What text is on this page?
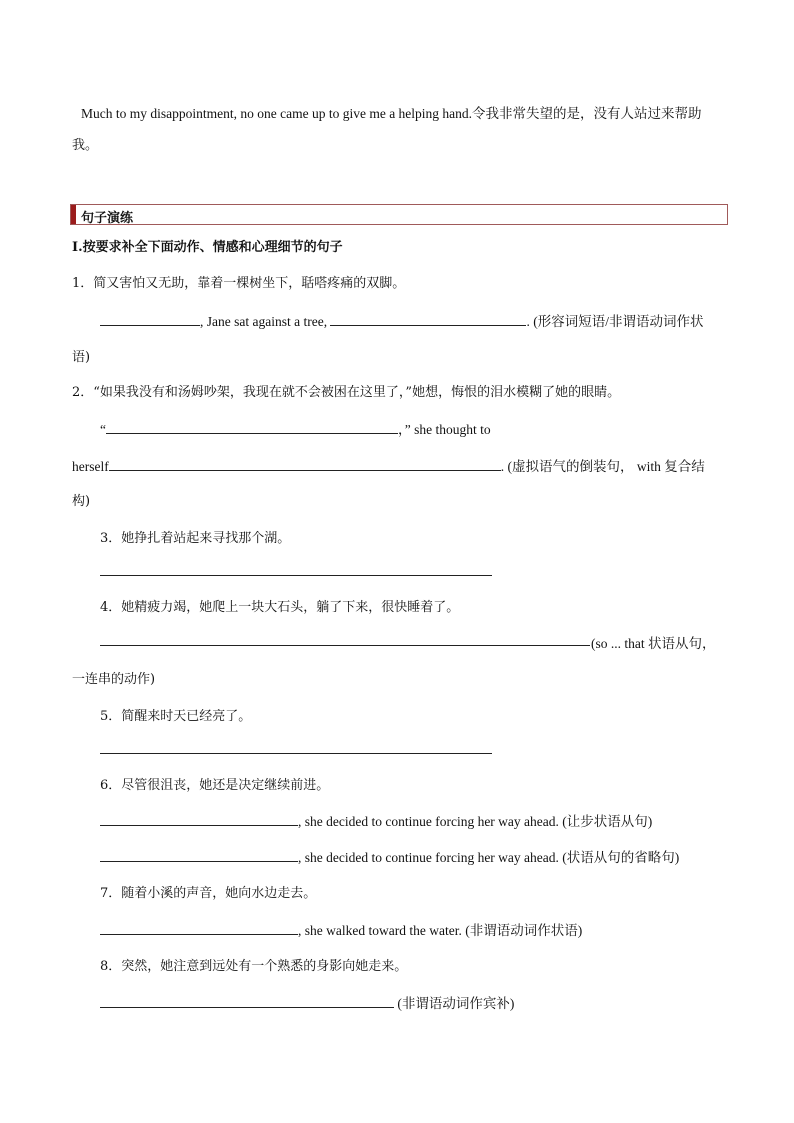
Much to my disappointment, no one came up to give me a helping hand.令我非常失望的是，没有人站过来帮助
我。
句子演练
Ⅰ.按要求补全下面动作、情感和心理细节的句子
1．简又害怕又无助，靠着一棵树坐下，聒嗒疼痛的双脚。
, Jane sat against a tree,	. (形容词短语/非谓语动词作状
语)
2．“如果我没有和汤姆吵架，我现在就不会被困在这里了，”她想，悔恨的泪水模糊了她的眼睛。
“	，” she thought to
herself	. (虚拟语气的倒装句， with 复合结
构)
3．她挣扎着站起来寻找那个湖。
4．她精疲力竭，她爬上一块大石头，躺了下来，很快睡着了。
(so ... that 状语从句，
一连串的动作)
5．简醒来时天已经亮了。
6．尽管很沮丧，她还是决定继续前进。
, she decided to continue forcing her way ahead. (让步状语从句)
, she decided to continue forcing her way ahead. (状语从句的省略句)
7．随着小溪的声音，她向水边走去。
, she walked toward the water. (非谓语动词作状语)
8．突然，她注意到远处有一个熟悉的身影向她走来。
(非谓语动词作宾补)
